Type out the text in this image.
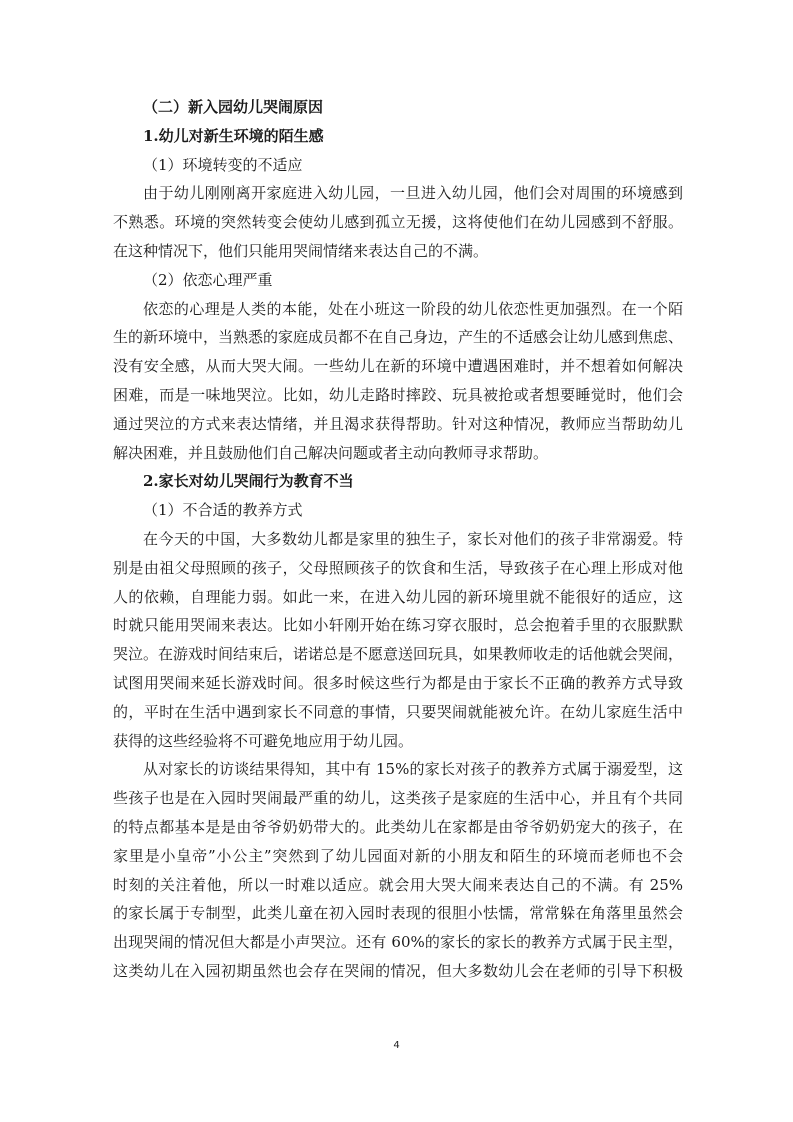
（二）新入园幼儿哭闹原因
1.幼儿对新生环境的陌生感
（1）环境转变的不适应
由于幼儿刚刚离开家庭进入幼儿园，一旦进入幼儿园，他们会对周围的环境感到
不熟悉。环境的突然转变会使幼儿感到孤立无援，这将使他们在幼儿园感到不舒服。
在这种情况下，他们只能用哭闹情绪来表达自己的不满。
（2）依恋心理严重
依恋的心理是人类的本能，处在小班这一阶段的幼儿依恋性更加强烈。在一个陌
生的新环境中，当熟悉的家庭成员都不在自己身边，产生的不适感会让幼儿感到焦虑、
没有安全感，从而大哭大闹。一些幼儿在新的环境中遭遇困难时，并不想着如何解决
困难，而是一味地哭泣。比如，幼儿走路时摔跤、玩具被抢或者想要睡觉时，他们会
通过哭泣的方式来表达情绪，并且渴求获得帮助。针对这种情况，教师应当帮助幼儿
解决困难，并且鼓励他们自己解决问题或者主动向教师寻求帮助。
2.家长对幼儿哭闹行为教育不当
（1）不合适的教养方式
在今天的中国，大多数幼儿都是家里的独生子，家长对他们的孩子非常溺爱。特
别是由祖父母照顾的孩子，父母照顾孩子的饮食和生活，导致孩子在心理上形成对他
人的依赖，自理能力弱。如此一来，在进入幼儿园的新环境里就不能很好的适应，这
时就只能用哭闹来表达。比如小轩刚开始在练习穿衣服时，总会抱着手里的衣服默默
哭泣。在游戏时间结束后，诺诺总是不愿意送回玩具，如果教师收走的话他就会哭闹，
试图用哭闹来延长游戏时间。很多时候这些行为都是由于家长不正确的教养方式导致
的，平时在生活中遇到家长不同意的事情，只要哭闹就能被允许。在幼儿家庭生活中
获得的这些经验将不可避免地应用于幼儿园。
从对家长的访谈结果得知，其中有 15%的家长对孩子的教养方式属于溺爱型，这
些孩子也是在入园时哭闹最严重的幼儿，这类孩子是家庭的生活中心，并且有个共同
的特点都基本是是由爷爷奶奶带大的。此类幼儿在家都是由爷爷奶奶宠大的孩子，在
家里是小皇帝”小公主”突然到了幼儿园面对新的小朋友和陌生的环境而老师也不会
时刻的关注着他，所以一时难以适应。就会用大哭大闹来表达自己的不满。有 25%
的家长属于专制型，此类儿童在初入园时表现的很胆小怯懦，常常躲在角落里虽然会
出现哭闹的情况但大都是小声哭泣。还有 60%的家长的家长的教养方式属于民主型，
这类幼儿在入园初期虽然也会存在哭闹的情况，但大多数幼儿会在老师的引导下积极
4
